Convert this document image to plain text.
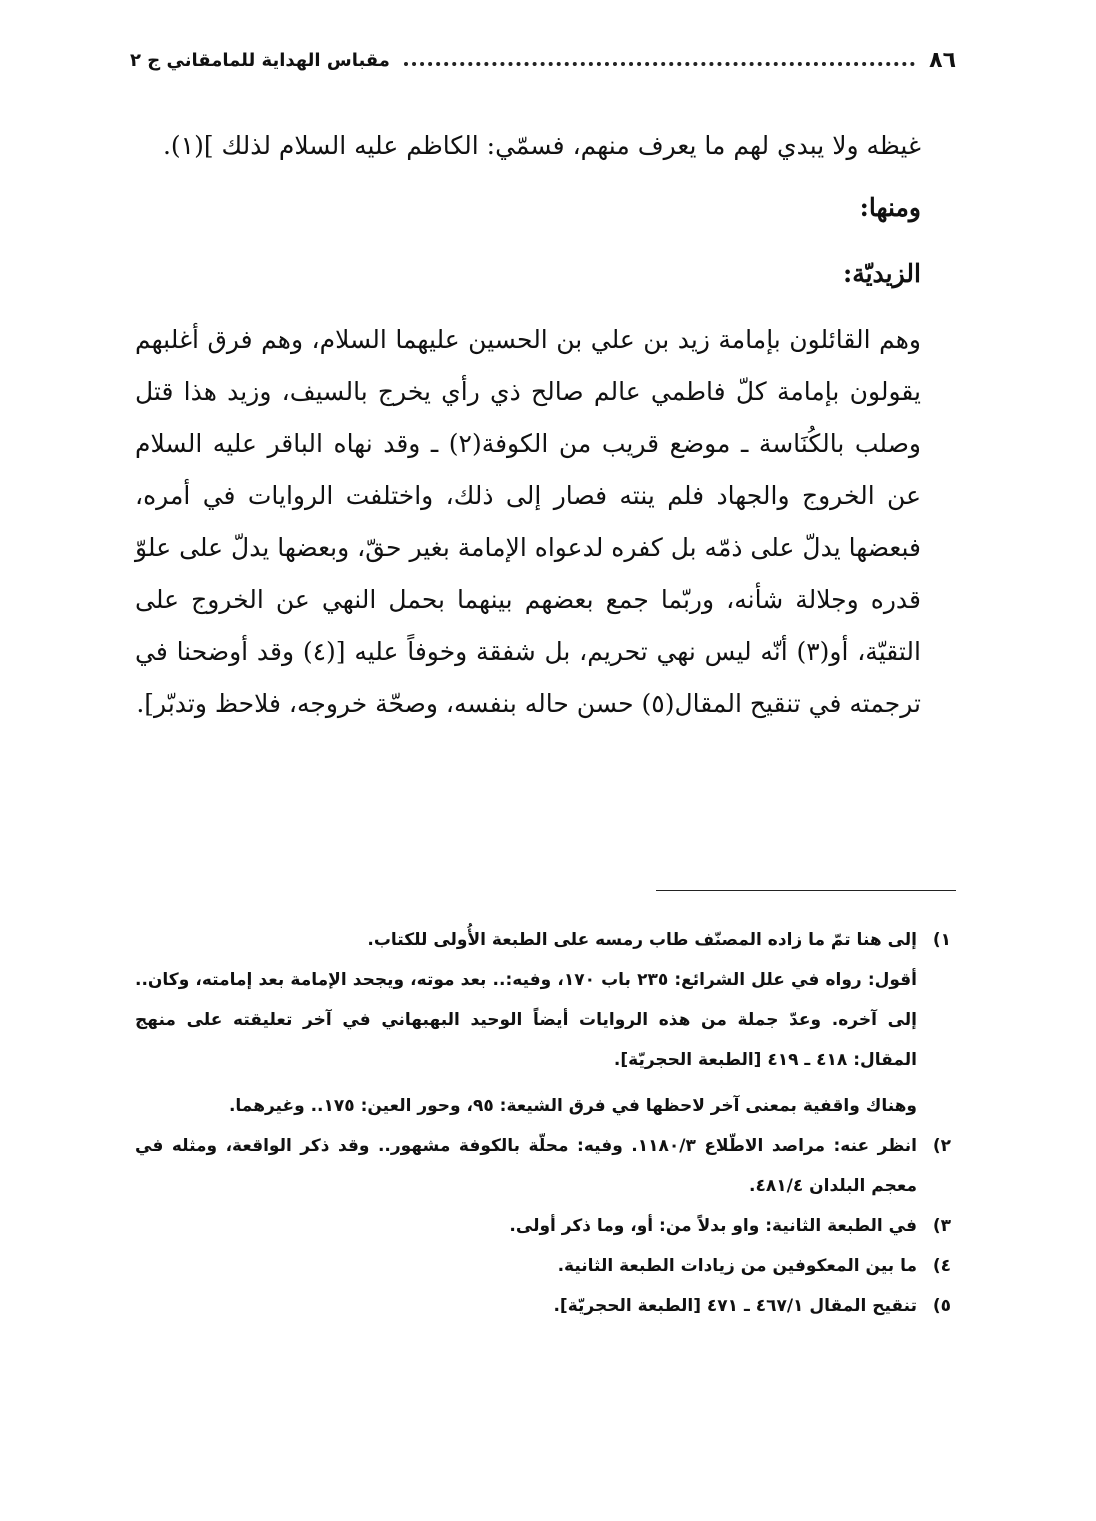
٨٦
مقباس الهداية للمامقاني ج ٢

غيظه ولا يبدي لهم ما يعرف منهم، فسمّي: الكاظم عليه السلام لذلك ](١).

ومنها:

الزيديّة:

وهم القائلون بإمامة زيد بن علي بن الحسين عليهما السلام، وهم فرق أغلبهم يقولون بإمامة كلّ فاطمي عالم صالح ذي رأي يخرج بالسيف، وزيد هذا قتل وصلب بالكُنَاسة ـ موضع قريب من الكوفة(٢) ـ وقد نهاه الباقر عليه السلام عن الخروج والجهاد فلم ينته فصار إلى ذلك، واختلفت الروايات في أمره، فبعضها يدلّ على ذمّه بل كفره لدعواه الإمامة بغير حقّ، وبعضها يدلّ على علوّ قدره وجلالة شأنه، وربّما جمع بعضهم بينهما بحمل النهي عن الخروج على التقيّة، أو(٣) أنّه ليس نهي تحريم، بل شفقة وخوفاً عليه [(٤) وقد أوضحنا في ترجمته في تنقيح المقال(٥) حسن حاله بنفسه، وصحّة خروجه، فلاحظ وتدبّر].

١)
إلى هنا تمّ ما زاده المصنّف طاب رمسه على الطبعة الأُولى للكتاب.

أقول: رواه في علل الشرائع: ٢٣٥ باب ١٧٠، وفيه:.. بعد موته، ويجحد الإمامة بعد إمامته، وكان.. إلى آخره. وعدّ جملة من هذه الروايات أيضاً الوحيد البهبهاني في آخر تعليقته على منهج المقال: ٤١٨ ـ ٤١٩ [الطبعة الحجريّة].

وهناك واقفية بمعنى آخر لاحظها في فرق الشيعة: ٩٥، وحور العين: ١٧٥.. وغيرهما.

٢)
انظر عنه: مراصد الاطّلاع ١١٨٠/٣. وفيه: محلّة بالكوفة مشهور.. وقد ذكر الواقعة، ومثله في معجم البلدان ٤٨١/٤.
٣)
في الطبعة الثانية: واو بدلاً من: أو، وما ذكر أولى.
٤)
ما بين المعكوفين من زيادات الطبعة الثانية.
٥)
تنقيح المقال ٤٦٧/١ ـ ٤٧١ [الطبعة الحجريّة].
